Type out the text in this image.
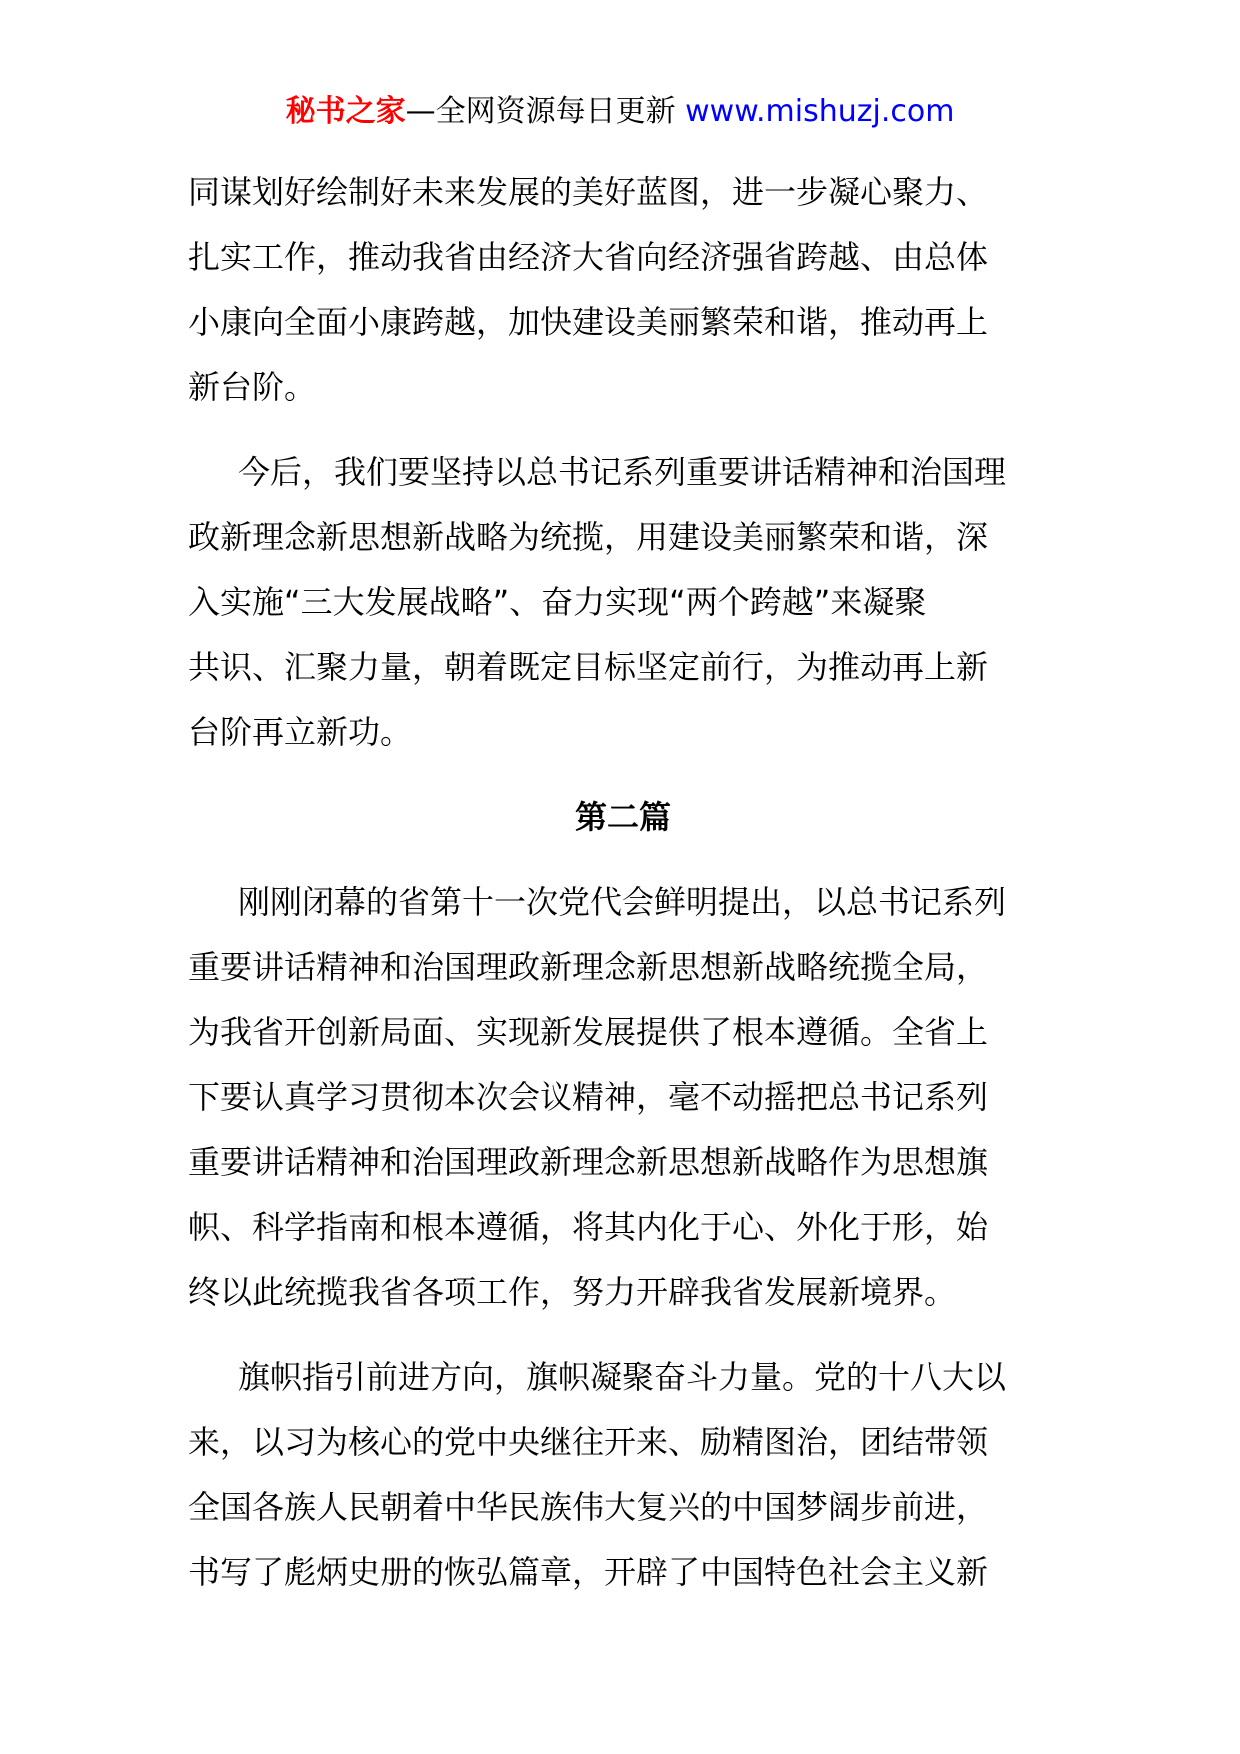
秘书之家—全网资源每日更新 www.mishuzj.com
同谋划好绘制好未来发展的美好蓝图，进一步凝心聚力、
扎实工作，推动我省由经济大省向经济强省跨越、由总体
小康向全面小康跨越，加快建设美丽繁荣和谐，推动再上
新台阶。
今后，我们要坚持以总书记系列重要讲话精神和治国理
政新理念新思想新战略为统揽，用建设美丽繁荣和谐，深
入实施“三大发展战略”、奋力实现“两个跨越”来凝聚
共识、汇聚力量，朝着既定目标坚定前行，为推动再上新
台阶再立新功。
第二篇
刚刚闭幕的省第十一次党代会鲜明提出，以总书记系列
重要讲话精神和治国理政新理念新思想新战略统揽全局，
为我省开创新局面、实现新发展提供了根本遵循。全省上
下要认真学习贯彻本次会议精神，毫不动摇把总书记系列
重要讲话精神和治国理政新理念新思想新战略作为思想旗
帜、科学指南和根本遵循，将其内化于心、外化于形，始
终以此统揽我省各项工作，努力开辟我省发展新境界。
旗帜指引前进方向，旗帜凝聚奋斗力量。党的十八大以
来，以习为核心的党中央继往开来、励精图治，团结带领
全国各族人民朝着中华民族伟大复兴的中国梦阔步前进，
书写了彪炳史册的恢弘篇章，开辟了中国特色社会主义新
